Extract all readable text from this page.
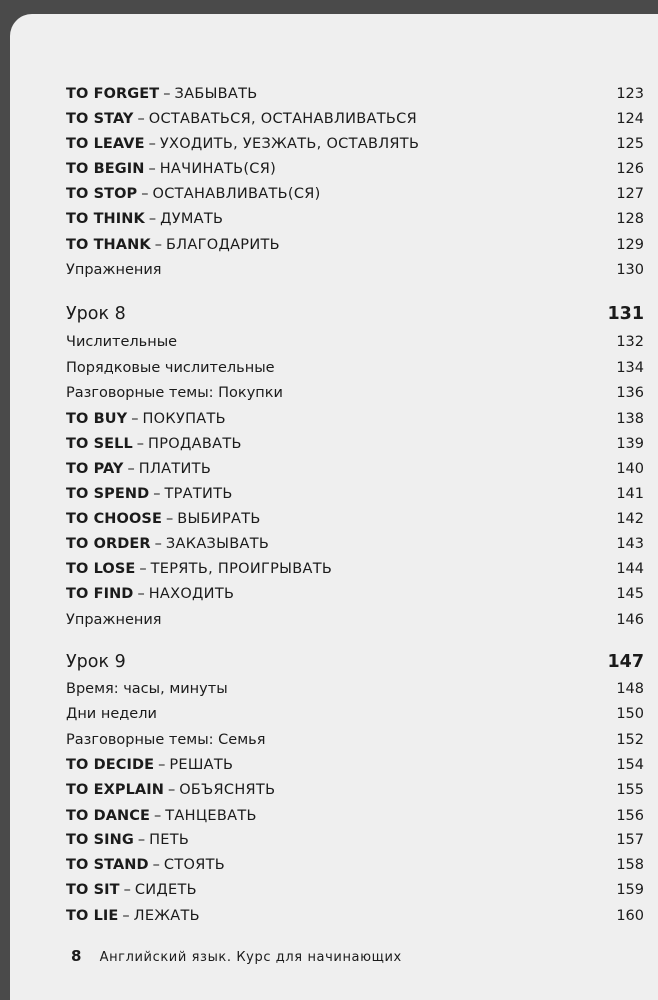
TO FORGET – ЗАБЫВАТЬ	123
TO STAY – ОСТАВАТЬСЯ, ОСТАНАВЛИВАТЬСЯ	124
TO LEAVE – УХОДИТЬ, УЕЗЖАТЬ, ОСТАВЛЯТЬ	125
TO BEGIN – НАЧИНАТЬ(СЯ)	126
TO STOP – ОСТАНАВЛИВАТЬ(СЯ)	127
TO THINK – ДУМАТЬ	128
TO THANK – БЛАГОДАРИТЬ	129
Упражнения	130
Урок 8	131
Числительные	132
Порядковые числительные	134
Разговорные темы: Покупки	136
TO BUY – ПОКУПАТЬ	138
TO SELL – ПРОДАВАТЬ	139
TO PAY – ПЛАТИТЬ	140
TO SPEND – ТРАТИТЬ	141
TO CHOOSE – ВЫБИРАТЬ	142
TO ORDER – ЗАКАЗЫВАТЬ	143
TO LOSE – ТЕРЯТЬ, ПРОИГРЫВАТЬ	144
TO FIND – НАХОДИТЬ	145
Упражнения	146
Урок 9	147
Время: часы, минуты	148
Дни недели	150
Разговорные темы: Семья	152
TO DECIDE – РЕШАТЬ	154
TO EXPLAIN – ОБЪЯСНЯТЬ	155
TO DANCE – ТАНЦЕВАТЬ	156
TO SING – ПЕТЬ	157
TO STAND – СТОЯТЬ	158
TO SIT – СИДЕТЬ	159
TO LIE – ЛЕЖАТЬ	160
8 Английский язык. Курс для начинающих
